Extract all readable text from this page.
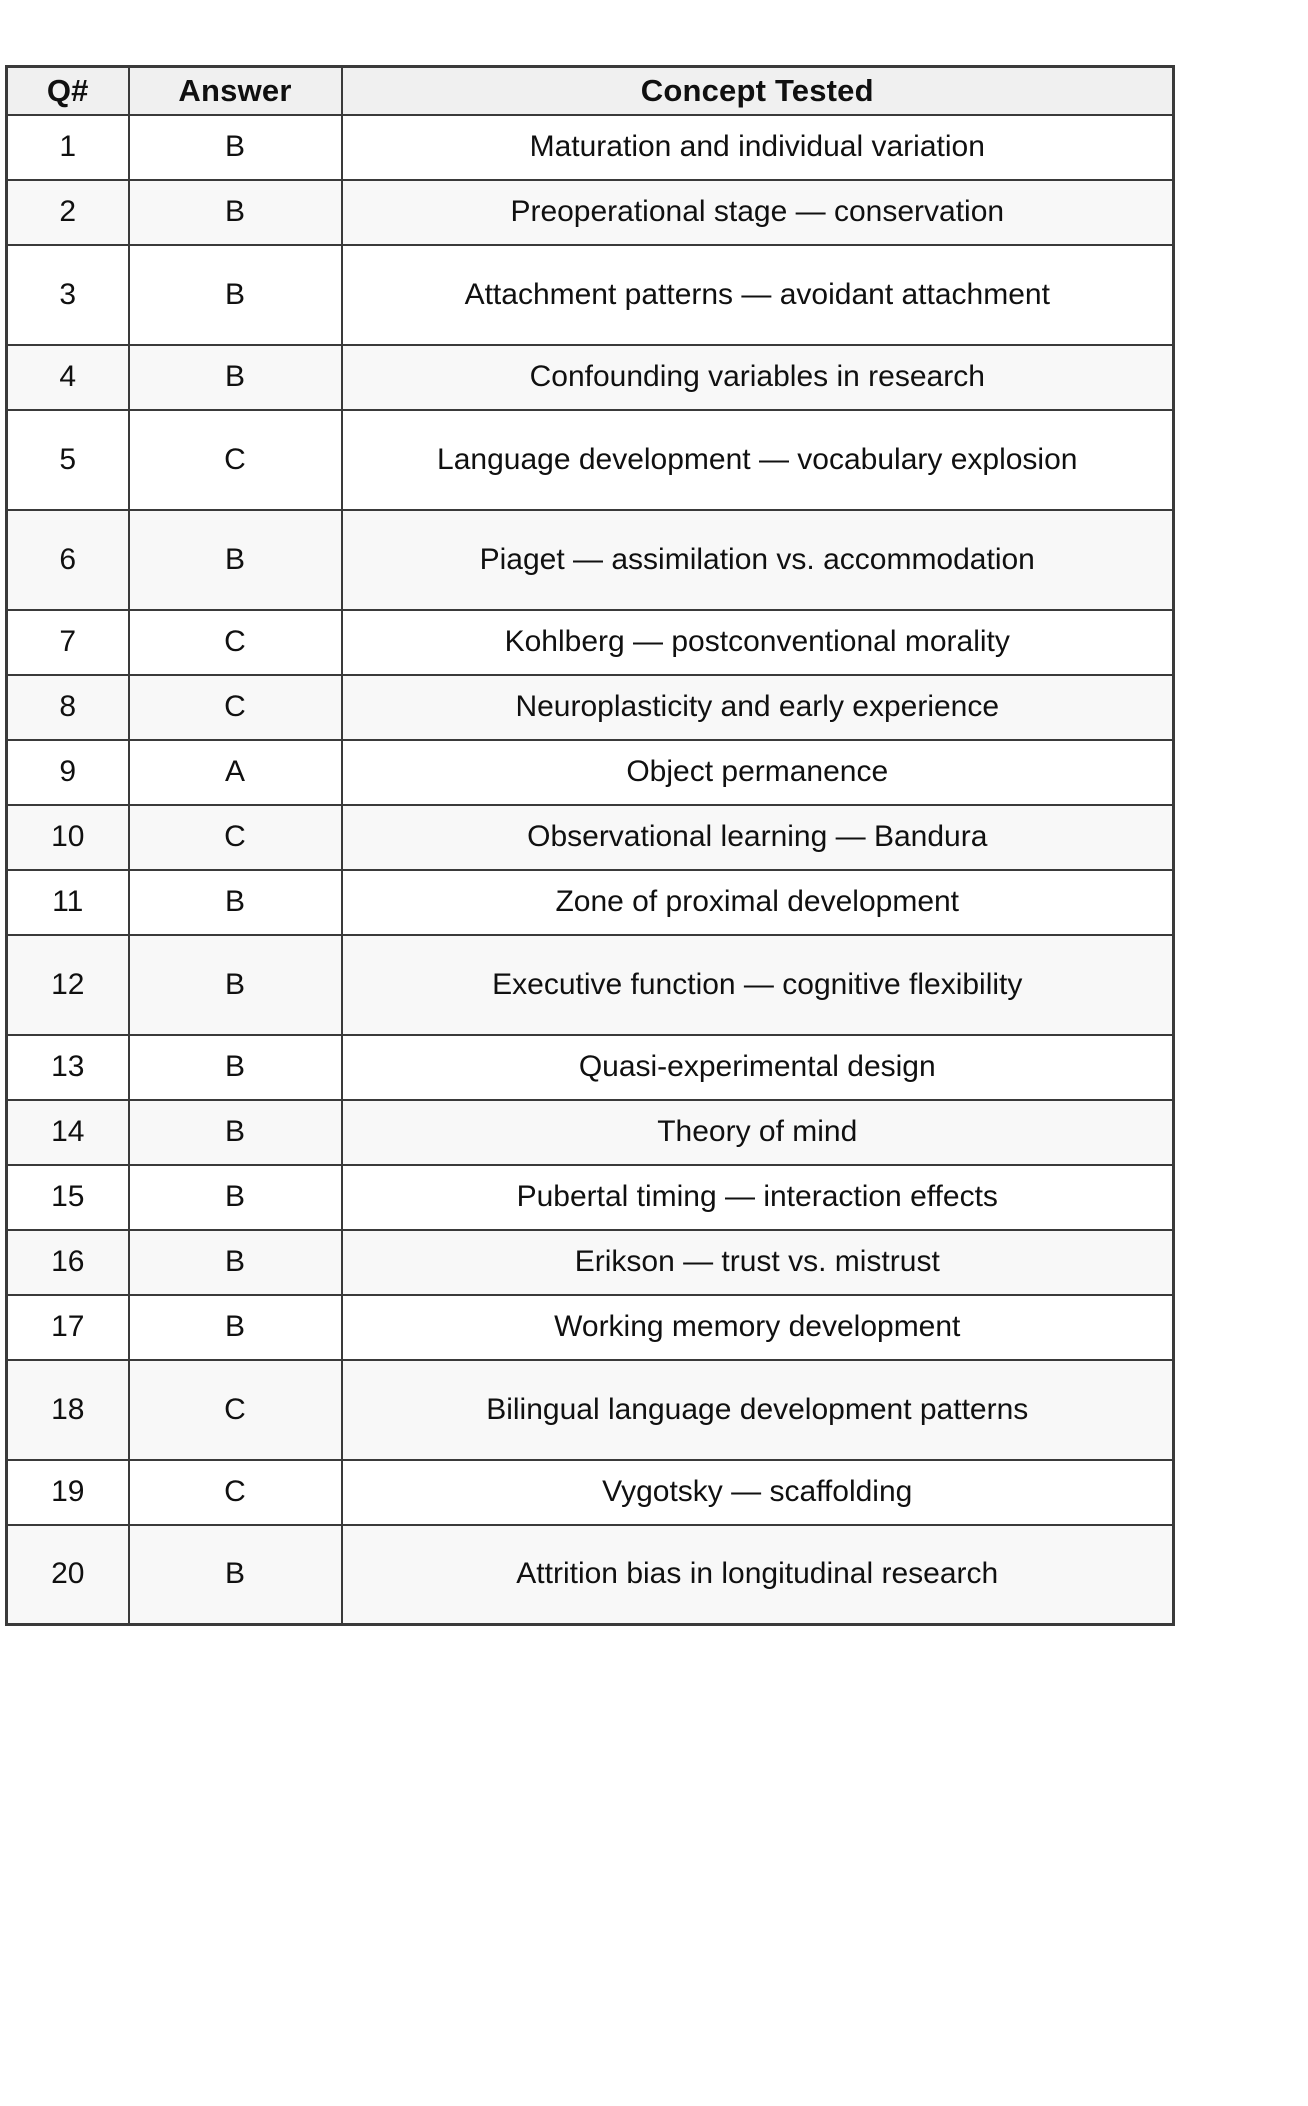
Q#	Answer	Concept Tested
1	B	Maturation and individual variation
2	B	Preoperational stage — conservation
3	B	Attachment patterns — avoidant attachment
4	B	Confounding variables in research
5	C	Language development — vocabulary explosion
6	B	Piaget — assimilation vs. accommodation
7	C	Kohlberg — postconventional morality
8	C	Neuroplasticity and early experience
9	A	Object permanence
10	C	Observational learning — Bandura
11	B	Zone of proximal development
12	B	Executive function — cognitive flexibility
13	B	Quasi-experimental design
14	B	Theory of mind
15	B	Pubertal timing — interaction effects
16	B	Erikson — trust vs. mistrust
17	B	Working memory development
18	C	Bilingual language development patterns
19	C	Vygotsky — scaffolding
20	B	Attrition bias in longitudinal research
